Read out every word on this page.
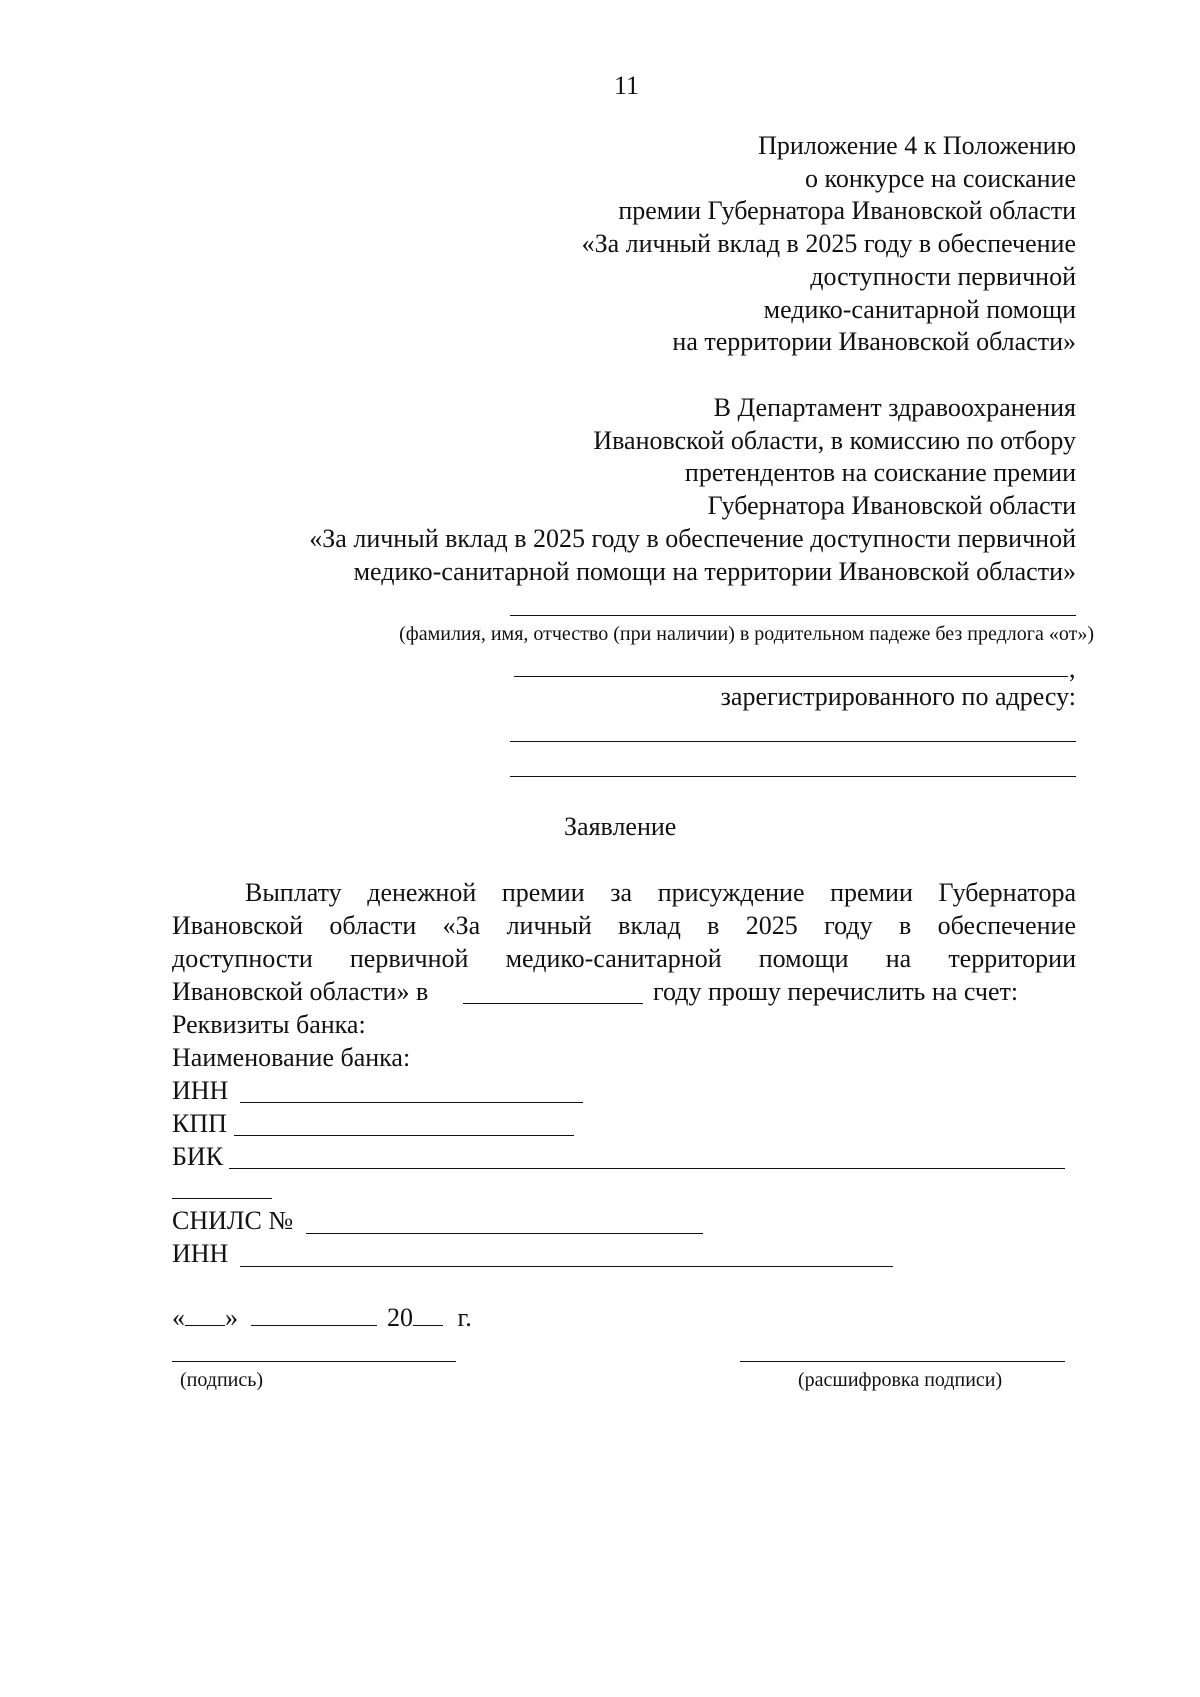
11
Приложение 4 к Положению
о конкурсе на соискание
премии Губернатора Ивановской области
«За личный вклад в 2025 году в обеспечение
доступности первичной
медико-санитарной помощи
на территории Ивановской области»
В Департамент здравоохранения
Ивановской области, в комиссию по отбору
претендентов на соискание премии
Губернатора Ивановской области
«За личный вклад в 2025 году в обеспечение доступности первичной
медико-санитарной помощи на территории Ивановской области»
(фамилия, имя, отчество (при наличии) в родительном падеже без предлога «от»)
,
зарегистрированного по адресу:
Заявление
Выплату денежной премии за присуждение премии Губернатора
Ивановской области «За личный вклад в 2025 году в обеспечение
доступности первичной медико-санитарной помощи на территории
Ивановской области» в	году прошу перечислить на счет:
Реквизиты банка:
Наименование банка:
ИНН
КПП
БИК
СНИЛС №
ИНН
« »	20 г.
(подпись)	(расшифровка подписи)
